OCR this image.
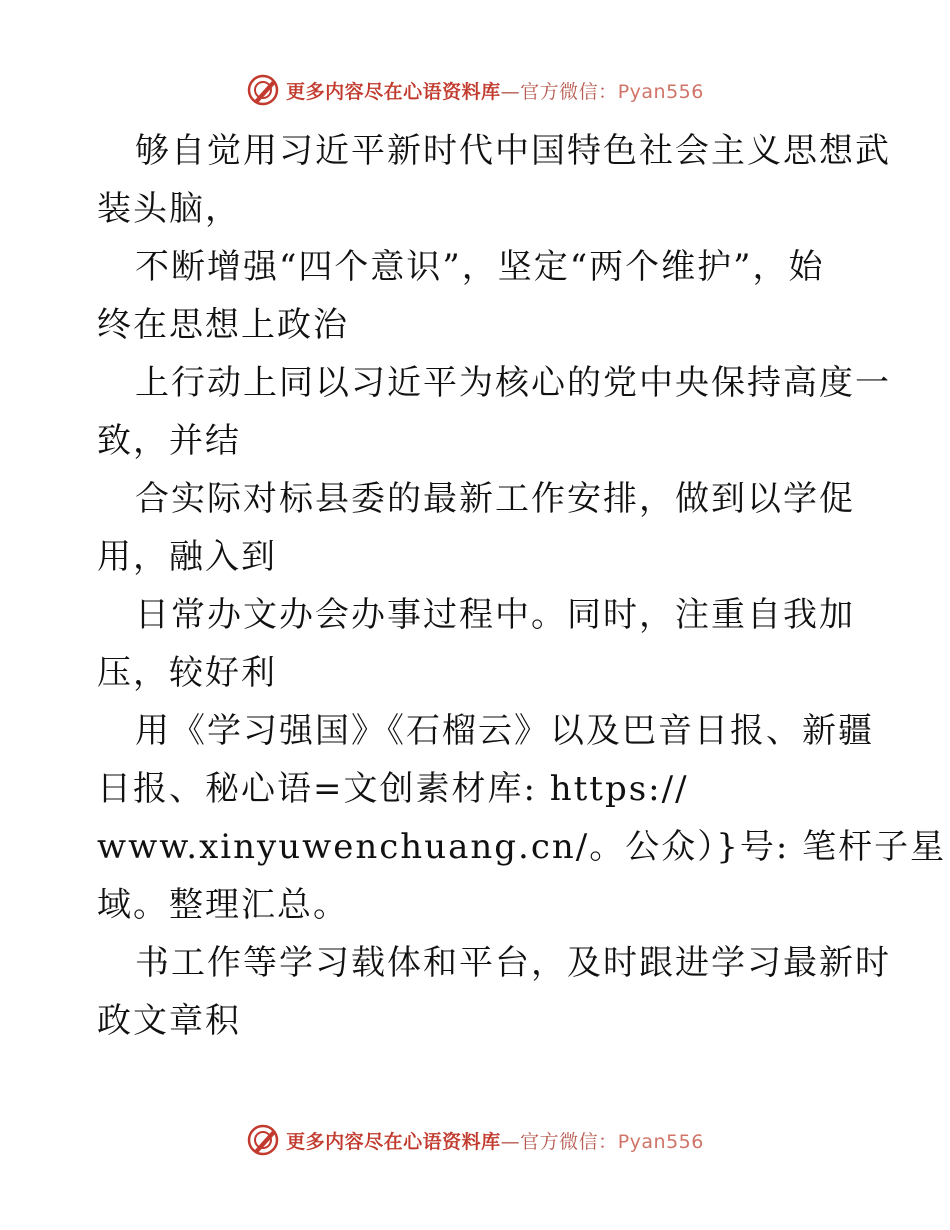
更多内容尽在心语资料库—官方微信：Pyan556
够自觉用习近平新时代中国特色社会主义思想武
装头脑，
不断增强“四个意识”，坚定“两个维护”，始
终在思想上政治
上行动上同以习近平为核心的党中央保持高度一
致，并结
合实际对标县委的最新工作安排，做到以学促
用，融入到
日常办文办会办事过程中。同时，注重自我加
压，较好利
用《学习强国》《石榴云》以及巴音日报、新疆
日报、秘心语=文创素材库: https://
www.xinyuwenchuang.cn/。公众）}号: 笔杆子星
域。整理汇总。
书工作等学习载体和平台，及时跟进学习最新时
政文章积
更多内容尽在心语资料库—官方微信：Pyan556
